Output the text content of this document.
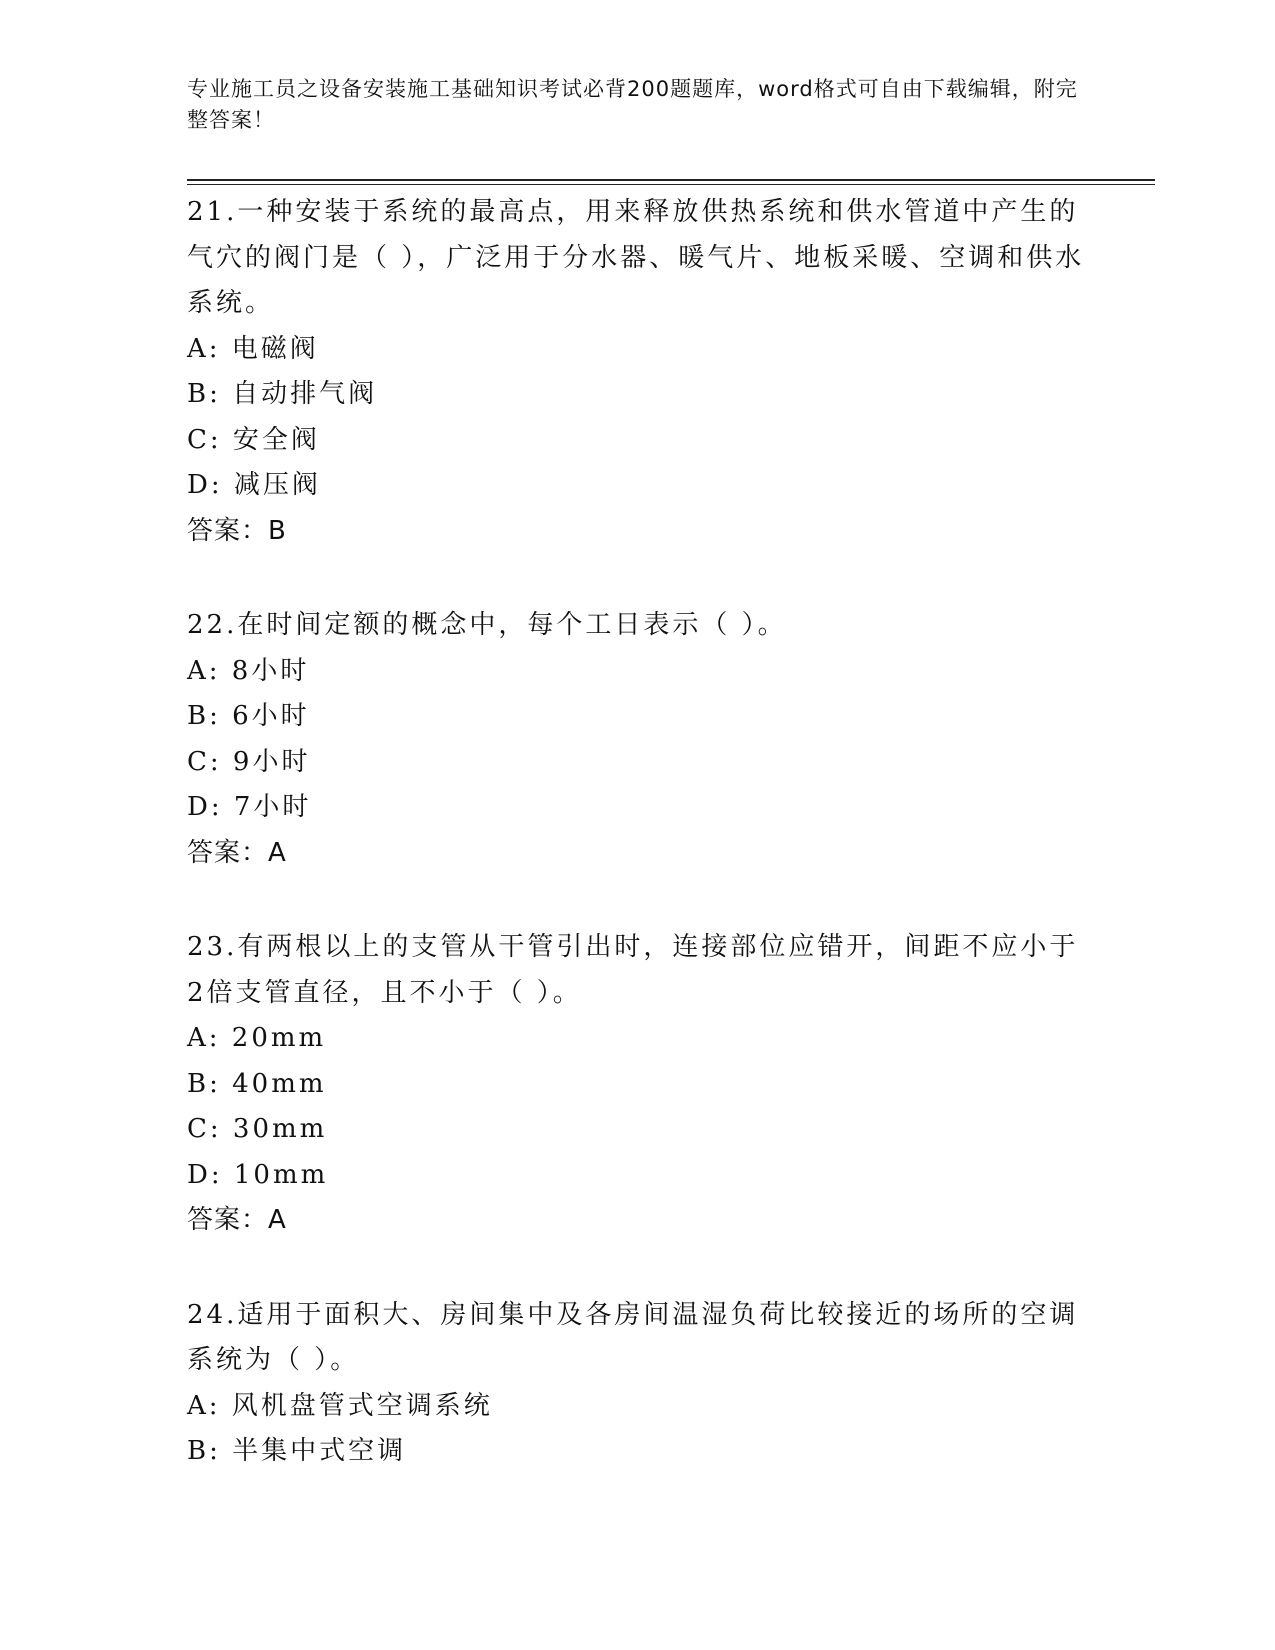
专业施工员之设备安装施工基础知识考试必背200题题库，word格式可自由下载编辑，附完整答案！
21.一种安装于系统的最高点，用来释放供热系统和供水管道中产生的气穴的阀门是（ ），广泛用于分水器、暖气片、地板采暖、空调和供水系统。
A: 电磁阀
B: 自动排气阀
C: 安全阀
D: 减压阀
答案：B
22.在时间定额的概念中，每个工日表示（ ）。
A: 8小时
B: 6小时
C: 9小时
D: 7小时
答案：A
23.有两根以上的支管从干管引出时，连接部位应错开，间距不应小于2倍支管直径，且不小于（ ）。
A: 20mm
B: 40mm
C: 30mm
D: 10mm
答案：A
24.适用于面积大、房间集中及各房间温湿负荷比较接近的场所的空调系统为（ ）。
A: 风机盘管式空调系统
B: 半集中式空调
